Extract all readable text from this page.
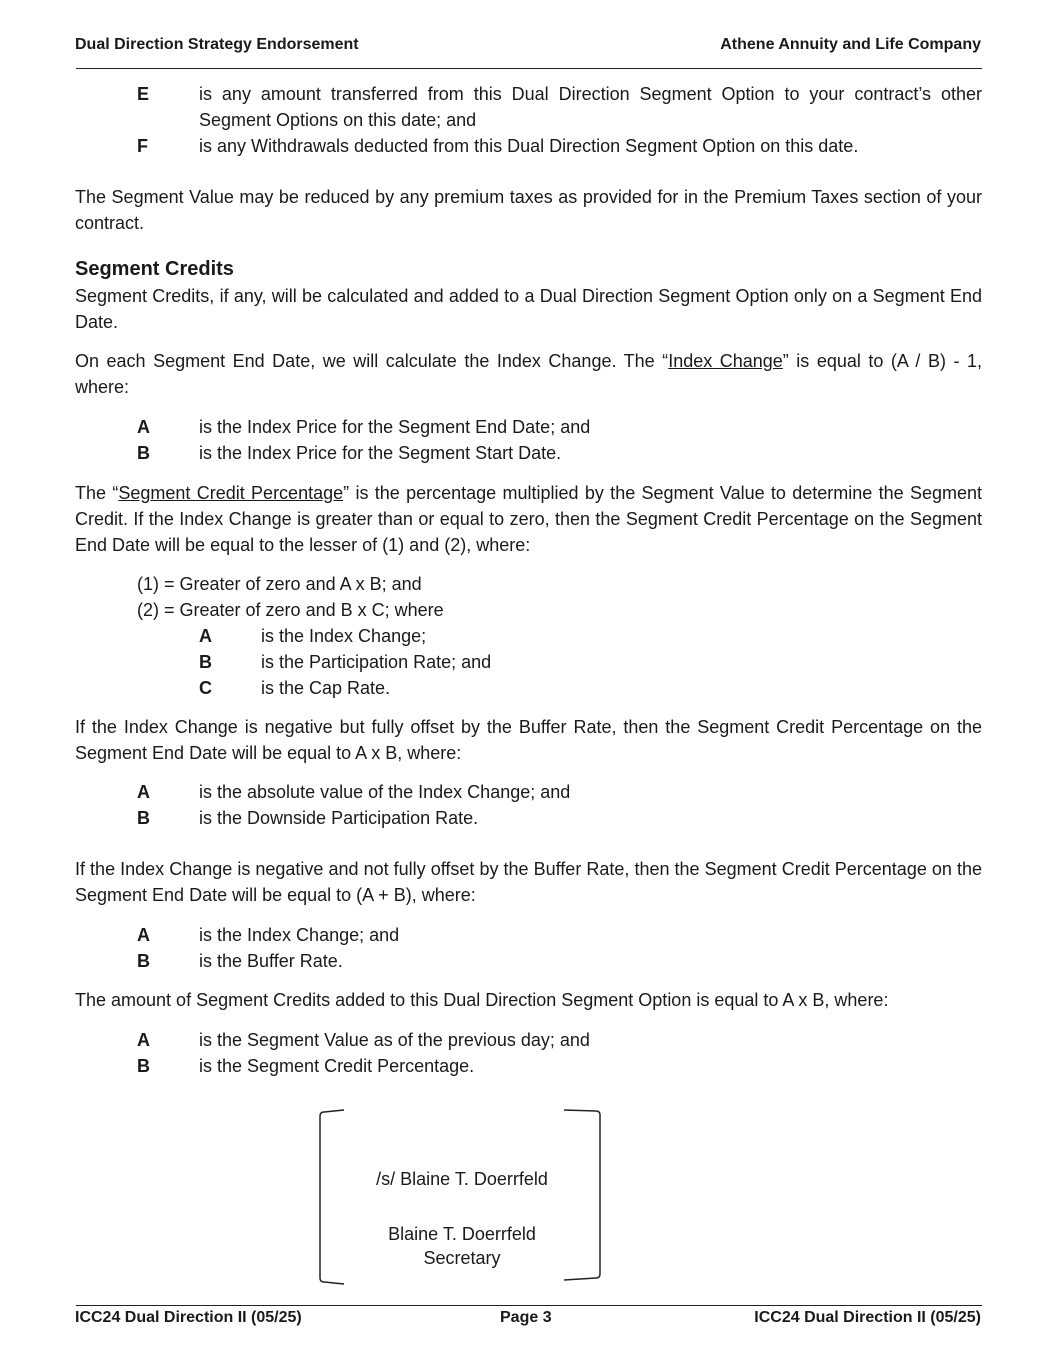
Dual Direction Strategy Endorsement	Athene Annuity and Life Company
E	is any amount transferred from this Dual Direction Segment Option to your contract’s other Segment Options on this date; and
F	is any Withdrawals deducted from this Dual Direction Segment Option on this date.
The Segment Value may be reduced by any premium taxes as provided for in the Premium Taxes section of your contract.
Segment Credits
Segment Credits, if any, will be calculated and added to a Dual Direction Segment Option only on a Segment End Date.
On each Segment End Date, we will calculate the Index Change. The “Index Change” is equal to (A / B) - 1, where:
A	is the Index Price for the Segment End Date; and
B	is the Index Price for the Segment Start Date.
The “Segment Credit Percentage” is the percentage multiplied by the Segment Value to determine the Segment Credit. If the Index Change is greater than or equal to zero, then the Segment Credit Percentage on the Segment End Date will be equal to the lesser of (1) and (2), where:
(1) = Greater of zero and A x B; and
(2) = Greater of zero and B x C; where
A	is the Index Change;
B	is the Participation Rate; and
C	is the Cap Rate.
If the Index Change is negative but fully offset by the Buffer Rate, then the Segment Credit Percentage on the Segment End Date will be equal to A x B, where:
A	is the absolute value of the Index Change; and
B	is the Downside Participation Rate.
If the Index Change is negative and not fully offset by the Buffer Rate, then the Segment Credit Percentage on the Segment End Date will be equal to (A + B), where:
A	is the Index Change; and
B	is the Buffer Rate.
The amount of Segment Credits added to this Dual Direction Segment Option is equal to A x B, where:
A	is the Segment Value as of the previous day; and
B	is the Segment Credit Percentage.
/s/ Blaine T. Doerrfeld
Blaine T. Doerrfeld
Secretary
ICC24 Dual Direction II (05/25)	Page 3	ICC24 Dual Direction II (05/25)
